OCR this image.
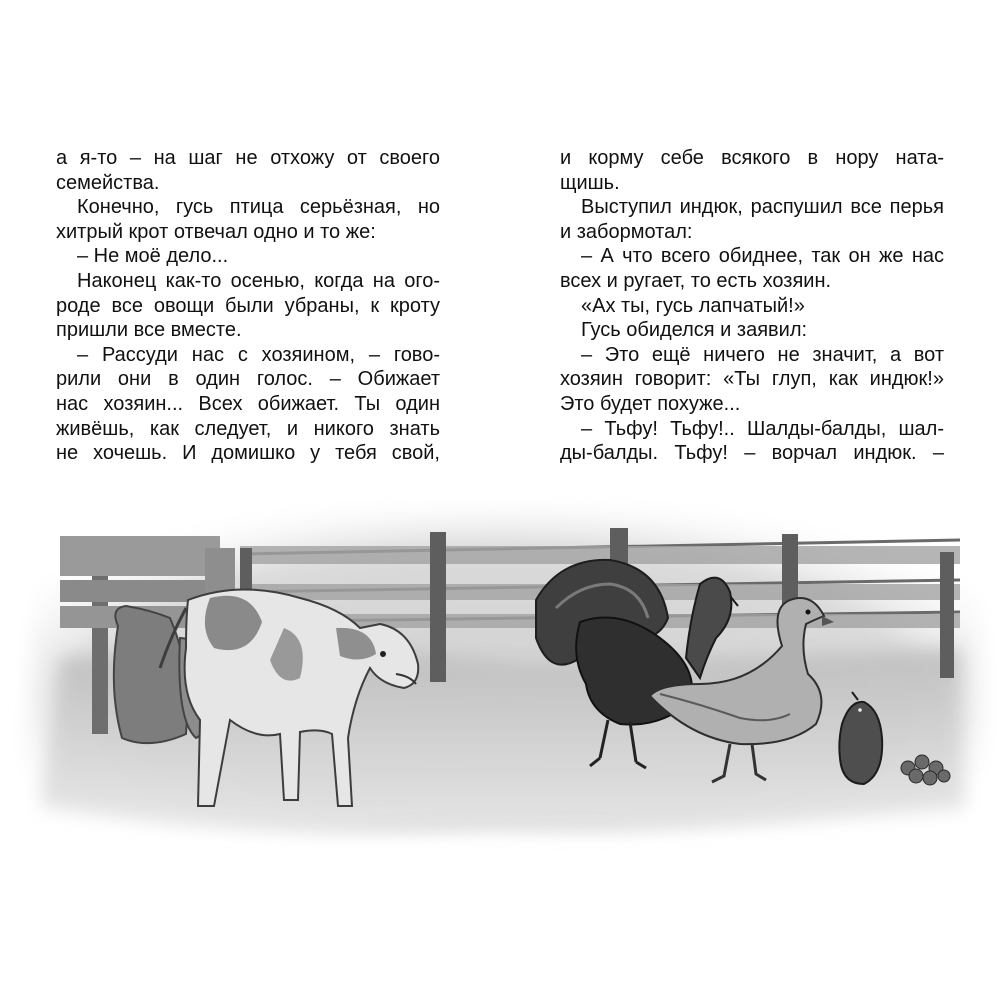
а я-то – на шаг не отхожу от своего
семейства.
Конечно, гусь птица серьёзная, но
хитрый крот отвечал одно и то же:
– Не моё дело...
Наконец как-то осенью, когда на ого-
роде все овощи были убраны, к кроту
пришли все вместе.
– Рассуди нас с хозяином, – гово-
рили они в один голос. – Обижает
нас хозяин... Всех обижает. Ты один
живёшь, как следует, и никого знать
не хочешь. И домишко у тебя свой,
и корму себе всякого в нору ната-
щишь.
Выступил индюк, распушил все перья
и забормотал:
– А что всего обиднее, так он же нас
всех и ругает, то есть хозяин.
«Ах ты, гусь лапчатый!»
Гусь обиделся и заявил:
– Это ещё ничего не значит, а вот
хозяин говорит: «Ты глуп, как индюк!»
Это будет похуже...
– Тьфу! Тьфу!.. Шалды-балды, шал-
ды-балды. Тьфу! – ворчал индюк. –
